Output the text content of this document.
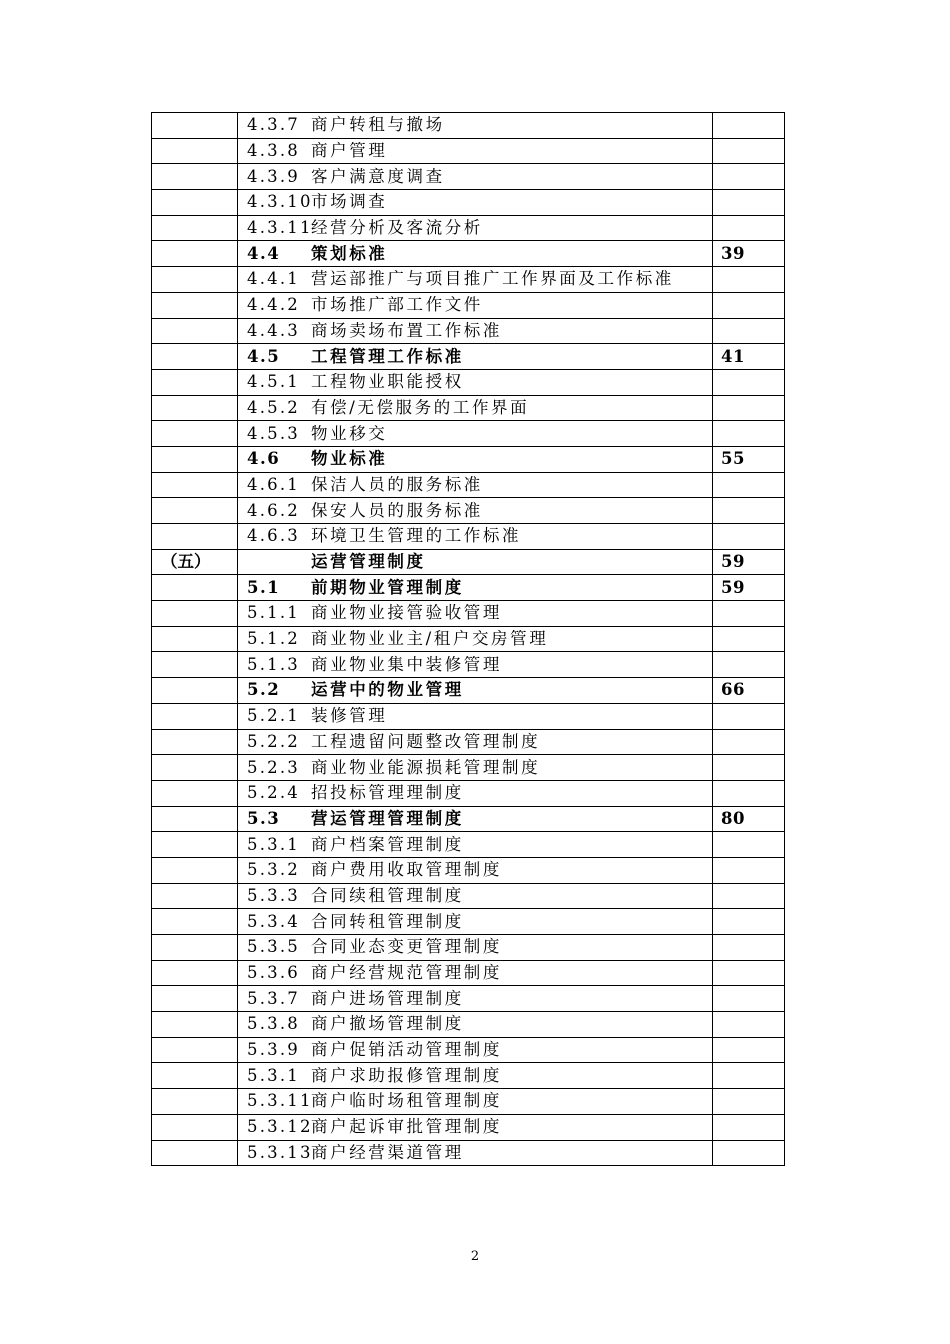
	4.3.7 商户转租与撤场	
	4.3.8 商户管理	
	4.3.9 客户满意度调查	
	4.3.10市场调查	
	4.3.11经营分析及客流分析	
	4.4 策划标准	39
	4.4.1 营运部推广与项目推广工作界面及工作标准	
	4.4.2 市场推广部工作文件	
	4.4.3 商场卖场布置工作标准	
	4.5 工程管理工作标准	41
	4.5.1 工程物业职能授权	
	4.5.2 有偿/无偿服务的工作界面	
	4.5.3 物业移交	
	4.6 物业标准	55
	4.6.1 保洁人员的服务标准	
	4.6.2 保安人员的服务标准	
	4.6.3 环境卫生管理的工作标准	
（五）	运营管理制度	59
	5.1 前期物业管理制度	59
	5.1.1 商业物业接管验收管理	
	5.1.2 商业物业业主/租户交房管理	
	5.1.3 商业物业集中装修管理	
	5.2 运营中的物业管理	66
	5.2.1 装修管理	
	5.2.2 工程遗留问题整改管理制度	
	5.2.3 商业物业能源损耗管理制度	
	5.2.4 招投标管理理制度	
	5.3 营运管理管理制度	80
	5.3.1 商户档案管理制度	
	5.3.2 商户费用收取管理制度	
	5.3.3 合同续租管理制度	
	5.3.4 合同转租管理制度	
	5.3.5 合同业态变更管理制度	
	5.3.6 商户经营规范管理制度	
	5.3.7 商户进场管理制度	
	5.3.8 商户撤场管理制度	
	5.3.9 商户促销活动管理制度	
	5.3.1 商户求助报修管理制度	
	5.3.11商户临时场租管理制度	
	5.3.12商户起诉审批管理制度	
	5.3.13商户经营渠道管理	
2
